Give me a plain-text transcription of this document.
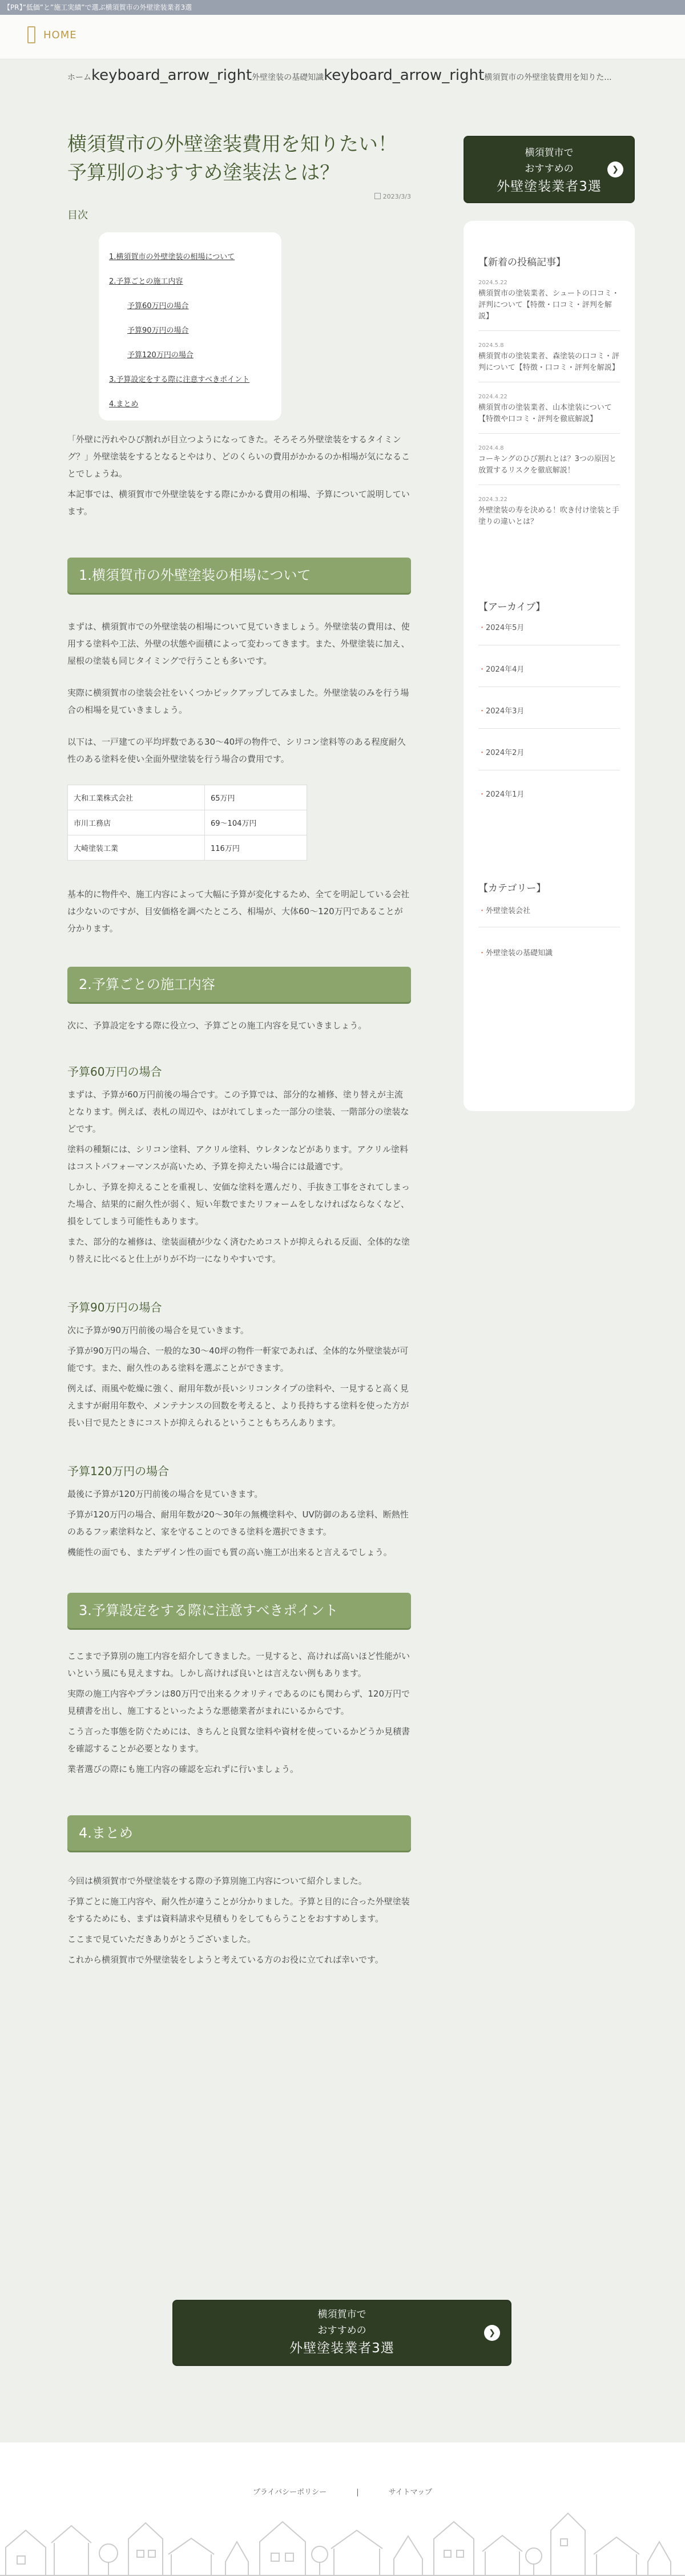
【PR】”低価”と”施工実績”で選ぶ横須賀市の外壁塗装業者3選
HOME
ホームkeyboard_arrow_right外壁塗装の基礎知識keyboard_arrow_right横須賀市の外壁塗装費用を知りた...
横須賀市の外壁塗装費用を知りたい！予算別のおすすめ塗装法とは？
2023/3/3
目次
1.横須賀市の外壁塗装の相場について
2.予算ごとの施工内容
予算60万円の場合
予算90万円の場合
予算120万円の場合
3.予算設定をする際に注意すべきポイント
4.まとめ

「外壁に汚れやひび割れが目立つようになってきた。そろそろ外壁塗装をするタイミング？」外壁塗装をするとなるとやはり、どのくらいの費用がかかるのか相場が気になることでしょうね。

本記事では、横須賀市で外壁塗装をする際にかかる費用の相場、予算について説明しています。

1.横須賀市の外壁塗装の相場について

まずは、横須賀市での外壁塗装の相場について見ていきましょう。外壁塗装の費用は、使用する塗料や工法、外壁の状態や面積によって変わってきます。また、外壁塗装に加え、屋根の塗装も同じタイミングで行うことも多いです。

実際に横須賀市の塗装会社をいくつかピックアップしてみました。外壁塗装のみを行う場合の相場を見ていきましょう。

以下は、一戸建ての平均坪数である30〜40坪の物件で、シリコン塗料等のある程度耐久性のある塗料を使い全面外壁塗装を行う場合の費用です。

大和工業株式会社	65万円
市川工務店	69〜104万円
大崎塗装工業	116万円

基本的に物件や、施工内容によって大幅に予算が変化するため、全てを明記している会社は少ないのですが、目安価格を調べたところ、相場が、大体60〜120万円であることが分かります。

2.予算ごとの施工内容

次に、予算設定をする際に役立つ、予算ごとの施工内容を見ていきましょう。

予算60万円の場合

まずは、予算が60万円前後の場合です。この予算では、部分的な補修、塗り替えが主流となります。例えば、表札の周辺や、はがれてしまった一部分の塗装、一階部分の塗装などです。

塗料の種類には、シリコン塗料、アクリル塗料、ウレタンなどがあります。アクリル塗料はコストパフォーマンスが高いため、予算を抑えたい場合には最適です。

しかし、予算を抑えることを重視し、安価な塗料を選んだり、手抜き工事をされてしまった場合、結果的に耐久性が弱く、短い年数でまたリフォームをしなければならなくなど、損をしてしまう可能性もあります。

また、部分的な補修は、塗装面積が少なく済むためコストが抑えられる反面、全体的な塗り替えに比べると仕上がりが不均一になりやすいです。

予算90万円の場合

次に予算が90万円前後の場合を見ていきます。

予算が90万円の場合、一般的な30〜40坪の物件一軒家であれば、全体的な外壁塗装が可能です。また、耐久性のある塗料を選ぶことができます。

例えば、雨風や乾燥に強く、耐用年数が長いシリコンタイプの塗料や、一見すると高く見えますが耐用年数や、メンテナンスの回数を考えると、より長持ちする塗料を使った方が長い目で見たときにコストが抑えられるということもちろんあります。

予算120万円の場合

最後に予算が120万円前後の場合を見ていきます。

予算が120万円の場合、耐用年数が20〜30年の無機塗料や、UV防御のある塗料、断熱性のあるフッ素塗料など、家を守ることのできる塗料を選択できます。

機能性の面でも、またデザイン性の面でも質の高い施工が出来ると言えるでしょう。

3.予算設定をする際に注意すべきポイント

ここまで予算別の施工内容を紹介してきました。一見すると、高ければ高いほど性能がいいという風にも見えますね。しかし高ければ良いとは言えない例もあります。

実際の施工内容やプランは80万円で出来るクオリティであるのにも関わらず、120万円で見積書を出し、施工するといったような悪徳業者がまれにいるからです。

こう言った事態を防ぐためには、きちんと良質な塗料や資材を使っているかどうか見積書を確認することが必要となります。

業者選びの際にも施工内容の確認を忘れずに行いましょう。

4.まとめ

今回は横須賀市で外壁塗装をする際の予算別施工内容について紹介しました。

予算ごとに施工内容や、耐久性が違うことが分かりました。予算と目的に合った外壁塗装をするためにも、まずは資料請求や見積もりをしてもらうことをおすすめします。

ここまで見ていただきありがとうございました。

これから横須賀市で外壁塗装をしようと考えている方のお役に立てれば幸いです。

横須賀市で
おすすめの
外壁塗装業者3選
❯
横須賀市で
おすすめの
外壁塗装業者3選
❯
【新着の投稿記事】
2024.5.22
横須賀市の塗装業者、シュートの口コミ・評判について【特徴・口コミ・評判を解説】
2024.5.8
横須賀市の塗装業者、森塗装の口コミ・評判について【特徴・口コミ・評判を解説】
2024.4.22
横須賀市の塗装業者、山本塗装について【特徴や口コミ・評判を徹底解説】
2024.4.8
コーキングのひび割れとは？3つの原因と放置するリスクを徹底解説！
2024.3.22
外壁塗装の寿を決める！吹き付け塗装と手塗りの違いとは？
【アーカイブ】
・ 2024年5月
・ 2024年4月
・ 2024年3月
・ 2024年2月
・ 2024年1月
【カテゴリー】
・ 外壁塗装会社
・ 外壁塗装の基礎知識
プライバシーポリシー	|	サイトマップ
